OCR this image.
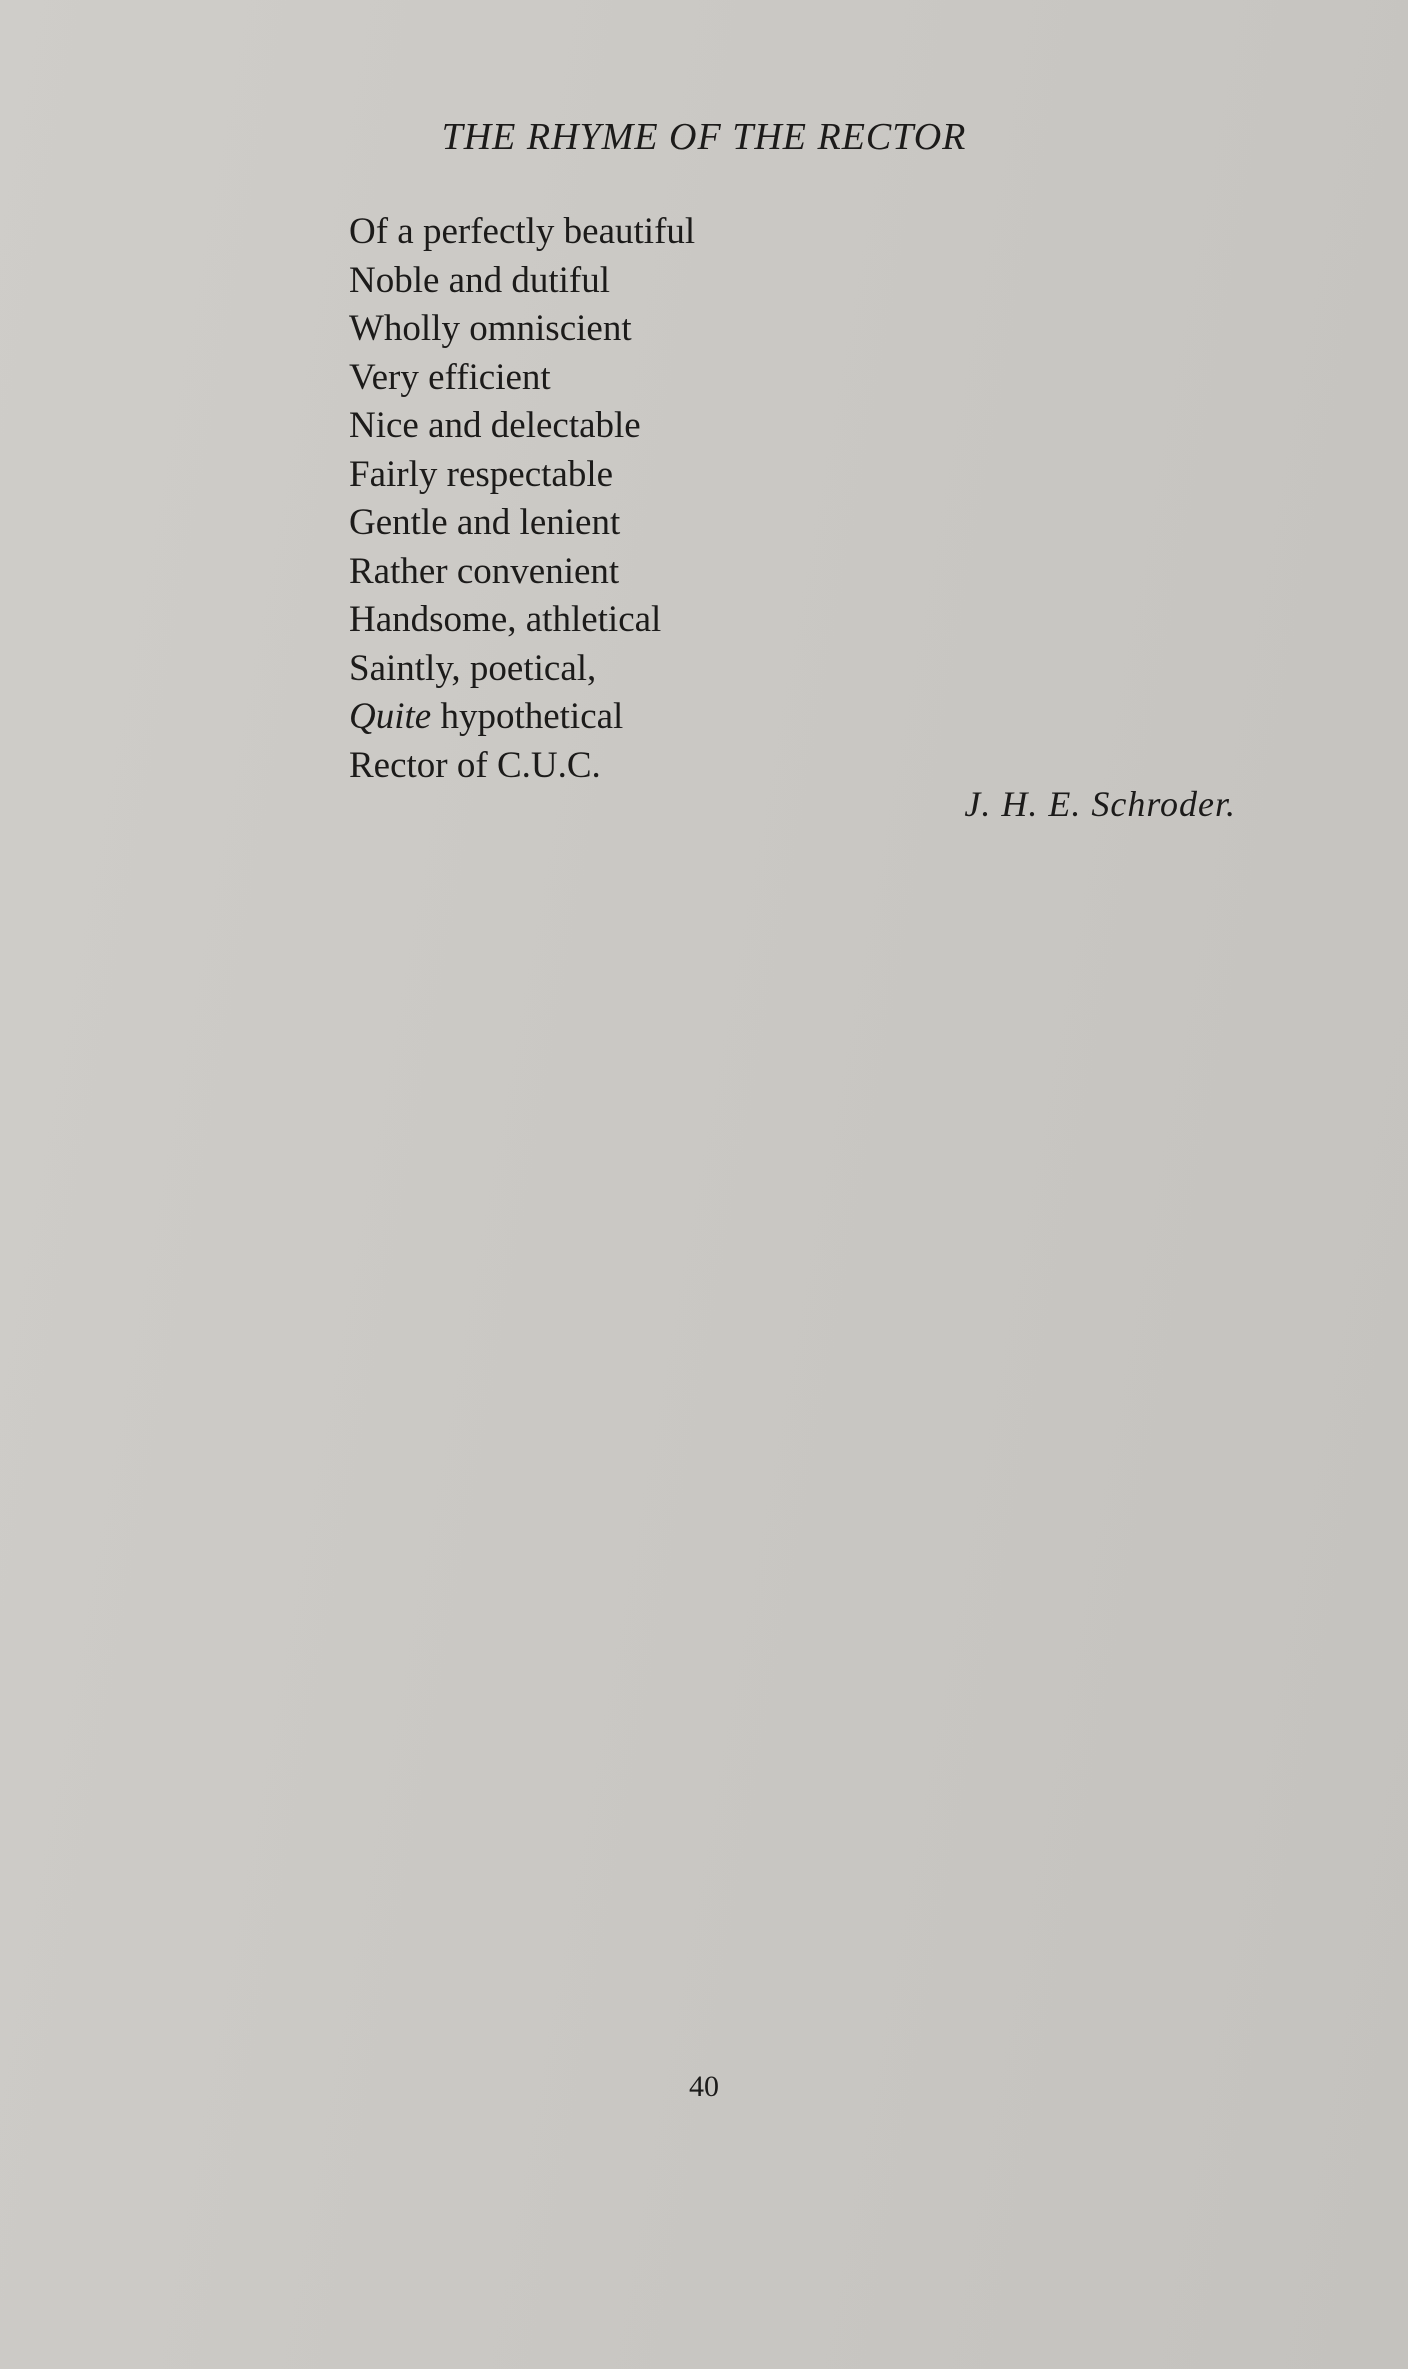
THE RHYME OF THE RECTOR
Of a perfectly beautiful
Noble and dutiful
Wholly omniscient
Very efficient
Nice and delectable
Fairly respectable
Gentle and lenient
Rather convenient
Handsome, athletical
Saintly, poetical,
Quite hypothetical
Rector of C.U.C.
J. H. E. Schroder.
40
